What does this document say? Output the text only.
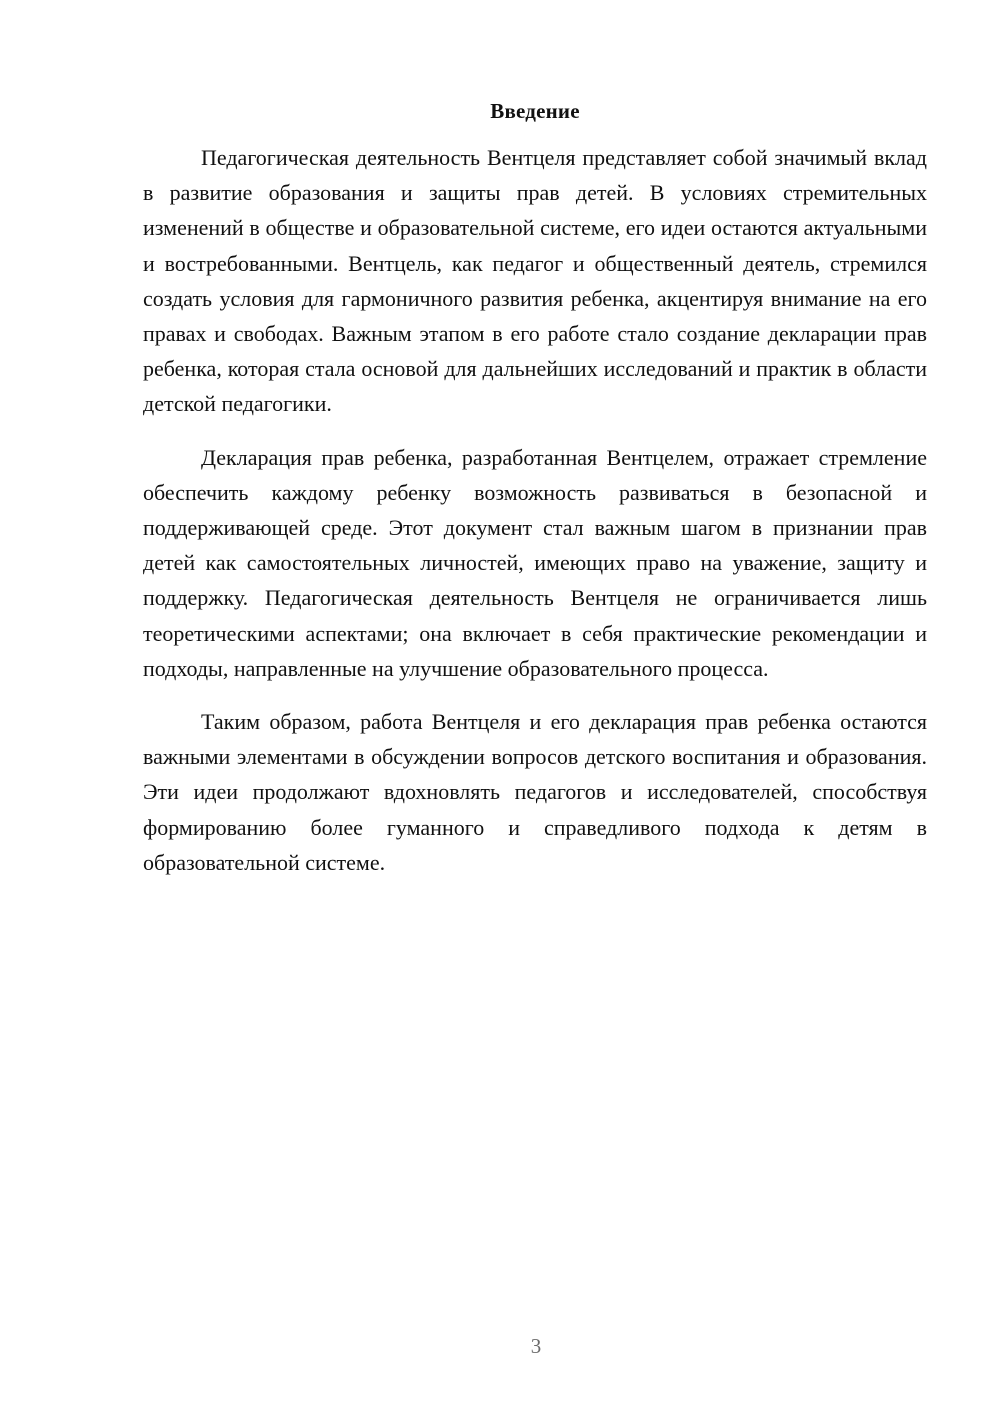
Введение

Педагогическая деятельность Вентцеля представляет собой значимый вклад в развитие образования и защиты прав детей. В условиях стремительных изменений в обществе и образовательной системе, его идеи остаются актуальными и востребованными. Вентцель, как педагог и общественный деятель, стремился создать условия для гармоничного развития ребенка, акцентируя внимание на его правах и свободах. Важным этапом в его работе стало создание декларации прав ребенка, которая стала основой для дальнейших исследований и практик в области детской педагогики.

Декларация прав ребенка, разработанная Вентцелем, отражает стремление обеспечить каждому ребенку возможность развиваться в безопасной и поддерживающей среде. Этот документ стал важным шагом в признании прав детей как самостоятельных личностей, имеющих право на уважение, защиту и поддержку. Педагогическая деятельность Вентцеля не ограничивается лишь теоретическими аспектами; она включает в себя практические рекомендации и подходы, направленные на улучшение образовательного процесса.

Таким образом, работа Вентцеля и его декларация прав ребенка остаются важными элементами в обсуждении вопросов детского воспитания и образования. Эти идеи продолжают вдохновлять педагогов и исследователей, способствуя формированию более гуманного и справедливого подхода к детям в образовательной системе.

3
